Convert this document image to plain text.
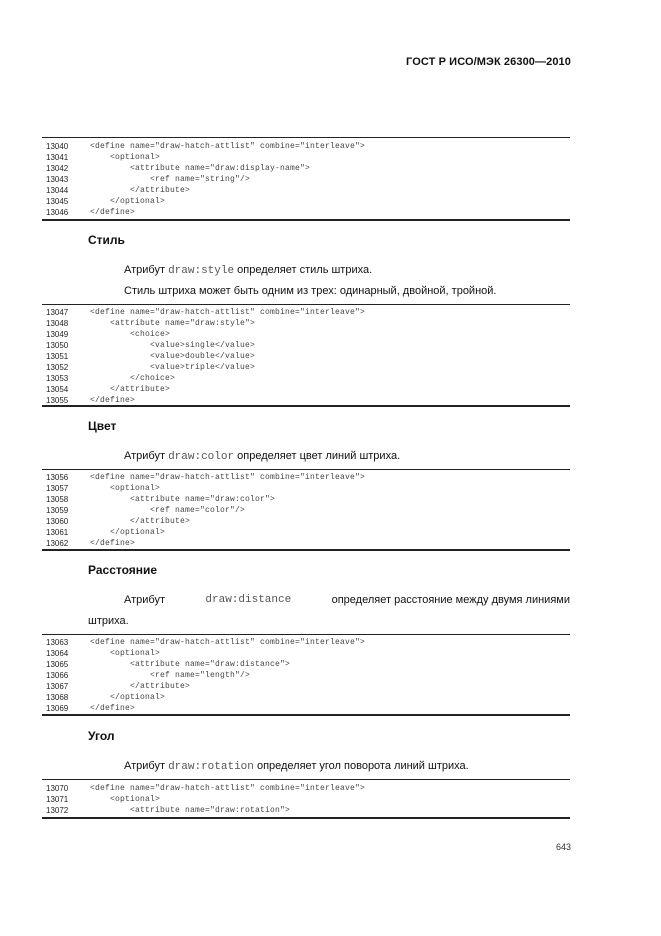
ГОСТ Р ИСО/МЭК 26300—2010
13040	<define name="draw-hatch-attlist" combine="interleave">
13041	<optional>
13042	<attribute name="draw:display-name">
13043	<ref name="string"/>
13044	</attribute>
13045	</optional>
13046	</define>
Стиль
Атрибут draw:style определяет стиль штриха.
Стиль штриха может быть одним из трех: одинарный, двойной, тройной.
13047	<define name="draw-hatch-attlist" combine="interleave">
13048	<attribute name="draw:style">
13049	<choice>
13050	<value>single</value>
13051	<value>double</value>
13052	<value>triple</value>
13053	</choice>
13054	</attribute>
13055	</define>
Цвет
Атрибут draw:color определяет цвет линий штриха.
13056	<define name="draw-hatch-attlist" combine="interleave">
13057	<optional>
13058	<attribute name="draw:color">
13059	<ref name="color"/>
13060	</attribute>
13061	</optional>
13062	</define>
Расстояние
Атрибут	draw:distance	определяет расстояние между двумя линиями
штриха.
13063	<define name="draw-hatch-attlist" combine="interleave">
13064	<optional>
13065	<attribute name="draw:distance">
13066	<ref name="length"/>
13067	</attribute>
13068	</optional>
13069	</define>
Угол
Атрибут draw:rotation определяет угол поворота линий штриха.
13070	<define name="draw-hatch-attlist" combine="interleave">
13071	<optional>
13072	<attribute name="draw:rotation">
643
